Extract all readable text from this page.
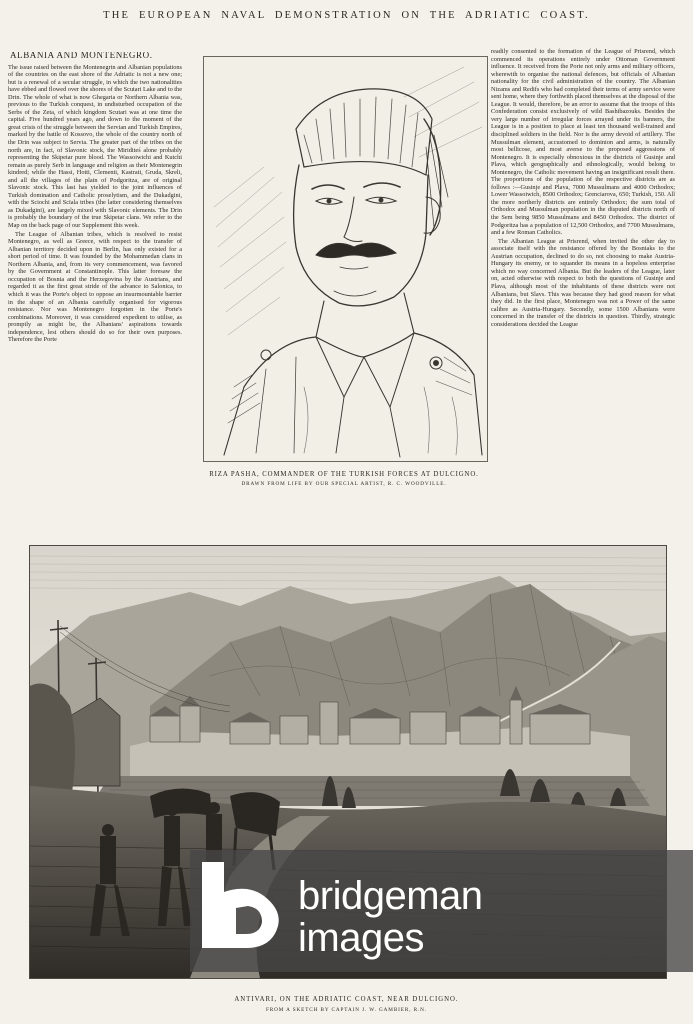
THE EUROPEAN NAVAL DEMONSTRATION ON THE ADRIATIC COAST.
ALBANIA AND MONTENEGRO.

The issue raised between the Montenegrin and Albanian populations of the countries on the east shore of the Adriatic is not a new one; but is a renewal of a secular struggle, in which the two nationalities have ebbed and flowed over the shores of the Scutari Lake and to the Drin. The whole of what is now Ghegaria or Northern Albania was, previous to the Turkish conquest, in undisturbed occupation of the Serbs of the Zeta, of which kingdom Scutari was at one time the capital. Five hundred years ago, and down to the moment of the great crisis of the struggle between the Servian and Turkish Empires, marked by the battle of Kossovo, the whole of the country north of the Drin was subject to Servia. The greater part of the tribes on the north are, in fact, of Slavonic stock, the Miriditeś alone probably representing the Skipetar pure blood. The Wassoiwichi and Kutchi remain as purely Serb in language and religion as their Montenegrin kindred; while the Hassi, Hotti, Clementi, Kastrati, Grudа, Skreli, and all the villages of the plain of Podgoritza, are of original Slavonic stock. This last has yielded to the joint influences of Turkish domination and Catholic proselytism, and the Dukadgini, with the Sciochi and Scīala tribes (the latter considering themselves as Dukadgini), are largely mixed with Slavonic elements. The Drin is probably the boundary of the true Skipetar clans. We refer to the Map on the back page of our Supplement this week.

The League of Albanian tribes, which is resolved to resist Montenegro, as well as Greece, with respect to the transfer of Albanian territory decided upon in Berlin, has only existed for a short period of time. It was founded by the Mohammedan clans in Northern Albania, and, from its very commencement, was favored by the Government at Constantinople. This latter foresaw the occupation of Bosnia and the Herzegovina by the Austrians, and regarded it as the first great stride of the advance to Salonica, to which it was the Porte's object to oppose an insurmountable barrier in the shape of an Albania carefully organised for vigorous resistance. Nor was Montenegro forgotten in the Porte's combinations. Moreover, it was considered expedient to utilise, as promptly as might be, the Albanians' aspirations towards independence, lest others should do so for their own purposes. Therefore the Porte

RIZA PASHA, COMMANDER OF THE TURKISH FORCES AT DULCIGNO.
DRAWN FROM LIFE BY OUR SPECIAL ARTIST, R. C. WOODVILLE.

readily consented to the formation of the League of Prisrend, which commenced its operations entirely under Ottoman Government influence. It received from the Porte not only arms and military officers, wherewith to organise the national defences, but officials of Albanian nationality for the civil administration of the country. The Albanian Nizams and Redifs who had completed their terms of army service were sent home, where they forthwith placed themselves at the disposal of the League. It would, therefore, be an error to assume that the troops of this Confederation consist exclusively of wild Bashibazouks. Besides the very large number of irregular forces arrayed under its banners, the League is in a position to place at least ten thousand well-trained and disciplined soldiers in the field. Nor is the army devoid of artillery. The Mussulman element, accustomed to dominion and arms, is naturally most bellicose, and most averse to the proposed aggressions of Montenegro. It is especially obnoxious in the districts of Gusinje and Plava, which geographically and ethnologically, would belong to Montenegro, the Catholic movement having an insignificant result there. The proportions of the population of the respective districts are as follows :—Gusinje and Plava, 7000 Mussulmans and 4000 Orthodox; Lower Wassoiwich, 8500 Orthodox; Grencіarova, 650; Turkish, 150. All the more northerly districts are entirely Orthodox; the sum total of Orthodox and Mussulman population in the disputed districts north of the Sem being 9850 Mussulmans and 8450 Orthodox. The district of Podgoritza has a population of 12,500 Orthodox, and 7700 Mussulmans, and a few Roman Catholics.

The Albanian League at Prisrend, when invited the other day to associate itself with the resistance offered by the Bosniaks to the Austrian occupation, declined to do so, not choosing to make Austria-Hungary its enemy, or to squander its means in a hopeless enterprise which no way concerned Albania. But the leaders of the League, later on, acted otherwise with respect to both the questions of Gusinje and Plava, although most of the inhabitants of these districts were not Albanians, but Slavs. This was because they had good reason for what they did. In the first place, Montenegro was not a Power of the same calibre as Austria-Hungary. Secondly, some 1500 Albanians were concerned in the transfer of the districts in question. Thirdly, strategic considerations decided the League

ANTIVARI, ON THE ADRIATIC COAST, NEAR DULCIGNO.
FROM A SKETCH BY CAPTAIN J. W. GAMBIER, R.N.
bridgeman
images
